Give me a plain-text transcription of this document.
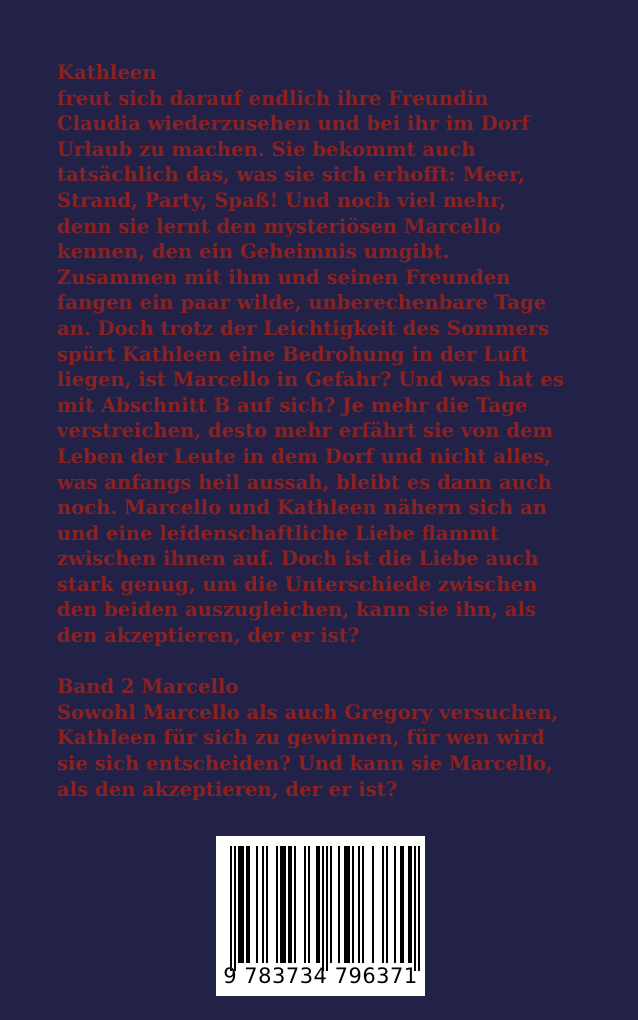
Kathleen
freut sich darauf endlich ihre Freundin
Claudia wiederzusehen und bei ihr im Dorf
Urlaub zu machen. Sie bekommt auch
tatsächlich das, was sie sich erhofft: Meer,
Strand, Party, Spaß! Und noch viel mehr,
denn sie lernt den mysteriösen Marcello
kennen, den ein Geheimnis umgibt.
Zusammen mit ihm und seinen Freunden
fangen ein paar wilde, unberechenbare Tage
an. Doch trotz der Leichtigkeit des Sommers
spürt Kathleen eine Bedrohung in der Luft
liegen, ist Marcello in Gefahr? Und was hat es
mit Abschnitt B auf sich? Je mehr die Tage
verstreichen, desto mehr erfährt sie von dem
Leben der Leute in dem Dorf und nicht alles,
was anfangs heil aussah, bleibt es dann auch
noch. Marcello und Kathleen nähern sich an
und eine leidenschaftliche Liebe flammt
zwischen ihnen auf. Doch ist die Liebe auch
stark genug, um die Unterschiede zwischen
den beiden auszugleichen, kann sie ihn, als
den akzeptieren, der er ist?
Band 2 Marcello
Sowohl Marcello als auch Gregory versuchen,
Kathleen für sich zu gewinnen, für wen wird
sie sich entscheiden? Und kann sie Marcello,
als den akzeptieren, der er ist?
9 783734 796371
